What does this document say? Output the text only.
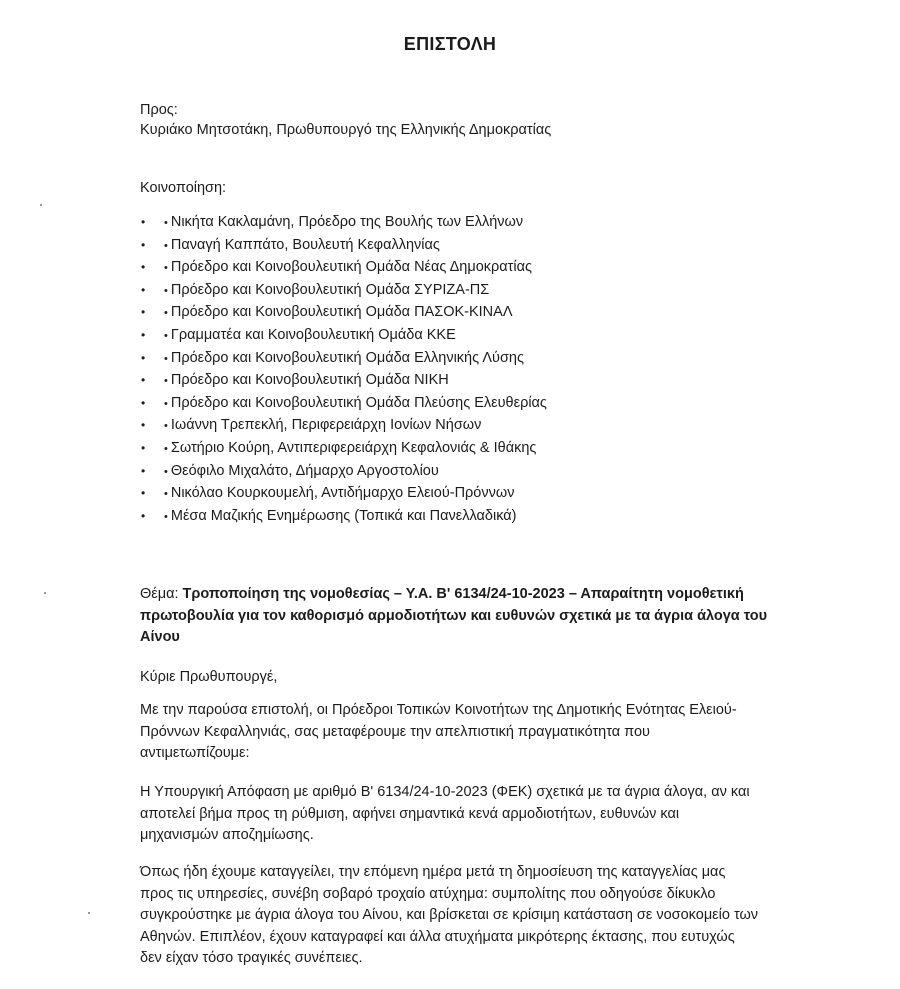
ΕΠΙΣΤΟΛΗ
Προς:
Κυριάκο Μητσοτάκη, Πρωθυπουργό της Ελληνικής Δημοκρατίας
Κοινοποίηση:
• • Νικήτα Κακλαμάνη, Πρόεδρο της Βουλής των Ελλήνων
• • Παναγή Καππάτο, Βουλευτή Κεφαλληνίας
• • Πρόεδρο και Κοινοβουλευτική Ομάδα Νέας Δημοκρατίας
• • Πρόεδρο και Κοινοβουλευτική Ομάδα ΣΥΡΙΖΑ-ΠΣ
• • Πρόεδρο και Κοινοβουλευτική Ομάδα ΠΑΣΟΚ-ΚΙΝΑΛ
• • Γραμματέα και Κοινοβουλευτική Ομάδα ΚΚΕ
• • Πρόεδρο και Κοινοβουλευτική Ομάδα Ελληνικής Λύσης
• • Πρόεδρο και Κοινοβουλευτική Ομάδα ΝΙΚΗ
• • Πρόεδρο και Κοινοβουλευτική Ομάδα Πλεύσης Ελευθερίας
• • Ιωάννη Τρεπεκλή, Περιφερειάρχη Ιονίων Νήσων
• • Σωτήριο Κούρη, Αντιπεριφερειάρχη Κεφαλονιάς & Ιθάκης
• • Θεόφιλο Μιχαλάτο, Δήμαρχο Αργοστολίου
• • Νικόλαο Κουρκουμελή, Αντιδήμαρχο Ελειού-Πρόννων
• • Μέσα Μαζικής Ενημέρωσης (Τοπικά και Πανελλαδικά)
Θέμα: Τροποποίηση της νομοθεσίας – Υ.Α. Β' 6134/24-10-2023 – Απαραίτητη νομοθετική πρωτοβουλία για τον καθορισμό αρμοδιοτήτων και ευθυνών σχετικά με τα άγρια άλογα του Αίνου
Κύριε Πρωθυπουργέ,
Με την παρούσα επιστολή, οι Πρόεδροι Τοπικών Κοινοτήτων της Δημοτικής Ενότητας Ελειού-Πρόννων Κεφαλληνιάς, σας μεταφέρουμε την απελπιστική πραγματικότητα που αντιμετωπίζουμε:
Η Υπουργική Απόφαση με αριθμό Β' 6134/24-10-2023 (ΦΕΚ) σχετικά με τα άγρια άλογα, αν και αποτελεί βήμα προς τη ρύθμιση, αφήνει σημαντικά κενά αρμοδιοτήτων, ευθυνών και μηχανισμών αποζημίωσης.
Όπως ήδη έχουμε καταγγείλει, την επόμενη ημέρα μετά τη δημοσίευση της καταγγελίας μας προς τις υπηρεσίες, συνέβη σοβαρό τροχαίο ατύχημα: συμπολίτης που οδηγούσε δίκυκλο συγκρούστηκε με άγρια άλογα του Αίνου, και βρίσκεται σε κρίσιμη κατάσταση σε νοσοκομείο των Αθηνών. Επιπλέον, έχουν καταγραφεί και άλλα ατυχήματα μικρότερης έκτασης, που ευτυχώς δεν είχαν τόσο τραγικές συνέπειες.
